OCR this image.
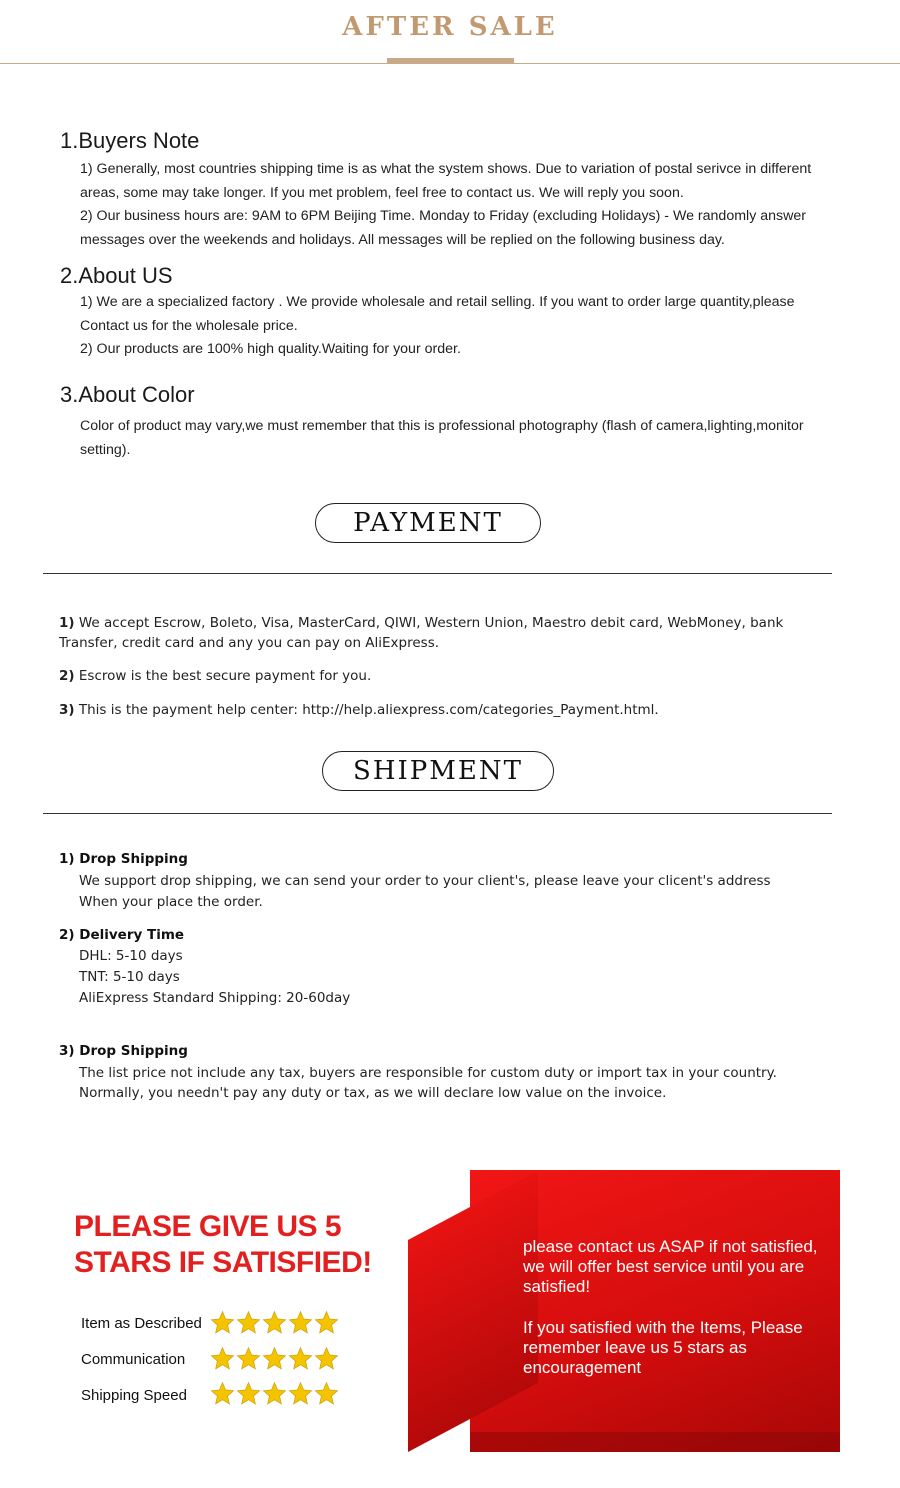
AFTER SALE
1.Buyers Note

1) Generally, most countries shipping time is as what the system shows. Due to variation of postal serivce in different areas, some may take longer. If you met problem, feel free to contact us. We will reply you soon.

2) Our business hours are: 9AM to 6PM Beijing Time. Monday to Friday (excluding Holidays) - We randomly answer messages over the weekends and holidays. All messages will be replied on the following business day.

2.About US

1) We are a specialized factory . We provide wholesale and retail selling. If you want to order large quantity,please Contact us for the wholesale price.

2) Our products are 100% high quality.Waiting for your order.

3.About Color

Color of product may vary,we must remember that this is professional photography (flash of camera,lighting,monitor setting).

PAYMENT

1) We accept Escrow, Boleto, Visa, MasterCard, QIWI, Western Union, Maestro debit card, WebMoney, bank Transfer, credit card and any you can pay on AliExpress.

2) Escrow is the best secure payment for you.

3) This is the payment help center: http://help.aliexpress.com/categories_Payment.html.

SHIPMENT
1) Drop Shipping
We support drop shipping, we can send your order to your client's, please leave your clicent's address
When your place the order.
2) Delivery Time
DHL: 5-10 days
TNT: 5-10 days
AliExpress Standard Shipping: 20-60day
3) Drop Shipping
The list price not include any tax, buyers are responsible for custom duty or import tax in your country.
Normally, you needn't pay any duty or tax, as we will declare low value on the invoice.
PLEASE GIVE US 5
STARS IF SATISFIED!
Item as Described
Communication
Shipping Speed

please contact us ASAP if not satisfied, we will offer best service until you are satisfied!

If you satisfied with the Items, Please remember leave us 5 stars as encouragement
